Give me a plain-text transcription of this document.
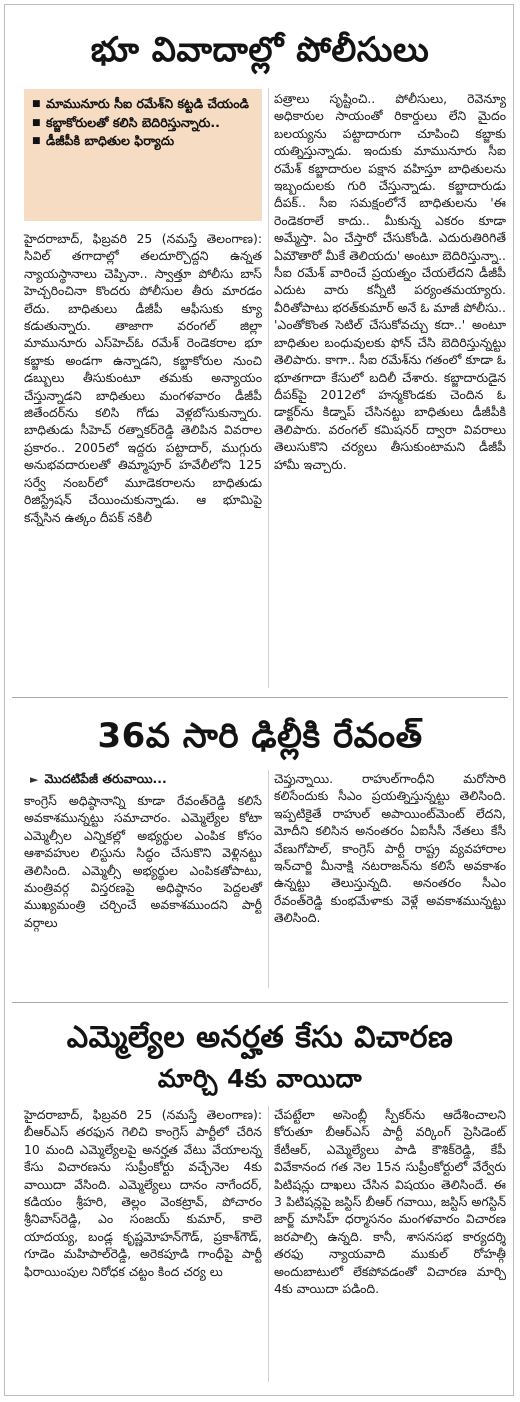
భూ వివాదాల్లో పోలీసులు
■ మామునూరు సీఐ రమేశ్‌ని కట్టడి చేయండి
■ కబ్జాకోరులతో కలిసి బెదిరిస్తున్నారు..
■ డీజీపీకి బాధితుల ఫిర్యాదు

హైదరాబాద్, ఫిబ్రవరి 25 (నమస్తే తెలంగాణ): సివిల్ తగాదాల్లో తలదూర్చొద్దని ఉన్నత న్యాయస్థానాలు చెప్పినా.. స్వాత్తూ పోలీసు బాస్ హెచ్చరించినా కొందరు పోలీసుల తీరు మారడం లేదు. బాధితులు డీజీపీ ఆఫీసుకు క్యూ కడుతున్నారు. తాజాగా వరంగల్ జిల్లా మామునూరు ఎస్‌హెచ్ఓ రమేశ్ రెండెకరాల భూ కబ్జాకు అండగా ఉన్నాడని, కబ్జాకోరుల నుంచి డబ్బులు తీసుకుంటూ తమకు అన్యాయం చేస్తున్నాడని బాధితులు మంగళవారం డీజీపీ జితేందర్‌ను కలిసి గోడు వెళ్లబోసుకున్నారు. బాధితుడు సీహెచ్ రత్నాకర్‌రెడ్డి తెలిపిన వివరాల ప్రకారం.. 2005లో ఇద్దరు పట్టాదార్, ముగ్గురు అనుభవదారులతో తిమ్మాపూర్ హవేలీలోని 125 సర్వే నంబర్‌లో మూడెకరాలను బాధితుడు రిజిస్ట్రేషన్ చేయించుకున్నాడు. ఆ భూమిపై కన్నేసిన ఉత్కం దీపక్ నకిలీ

పత్రాలు సృష్టించి.. పోలీసులు, రెవెన్యూ అధికారుల సాయంతో రికార్డులు లేని మైదం బలయ్యను పట్టాదారుగా చూపించి కబ్జాకు యత్నిస్తున్నాడు. ఇందుకు మామునూరు సీఐ రమేశ్ కబ్జాదారుల పక్షాన వహిస్తూ బాధితులను ఇబ్బందులకు గురి చేస్తున్నాడు. కబ్జాదారుడు దీపక్.. సీఐ సమక్షంలోనే బాధితులను 'ఈ రెండెకరాలే కాదు.. మీకున్న ఎకరం కూడా అమ్మేస్తా. ఏం చేస్తారో చేసుకోండి. ఎదురుతిరిగితే ఏమౌతారో మీకే తెలియదు' అంటూ బెదిరిస్తున్నా.. సీఐ రమేశ్ వారించే ప్రయత్నం చేయలేదని డీజీపీ ఎదుట వారు కన్నీటి పర్యంతమయ్యారు. వీరితోపాటు భరత్‌కుమార్ అనే ఓ మాజీ పోలీసు.. 'ఎంతోకొంత సెటిల్ చేసుకోవచ్చు కదా..' అంటూ బాధితుల బంధువులకు ఫోన్ చేసి బెదిరిస్తున్నట్టు తెలిపారు. కాగా.. సీఐ రమేశ్‌ను గతంలో కూడా ఓ భూతగాదా కేసులో బదిలీ చేశారు. కబ్జాదారుడైన దీపక్‌పై 2012లో హన్మకొండకు చెందిన ఓ డాక్టర్‌ను కిడ్నాప్ చేసినట్టు బాధితులు డీజీపీకి తెలిపారు. వరంగల్ కమిషనర్ ద్వారా వివరాలు తెలుసుకొని చర్యలు తీసుకుంటామని డీజీపీ హామీ ఇచ్చారు.

36వ సారి ఢిల్లీకి రేవంత్
► మొదటిపేజీ తరువాయి...

కాంగ్రెస్ అధిష్ఠానాన్ని కూడా రేవంత్‌రెడ్డి కలిసే అవకాశమున్నట్టు సమాచారం. ఎమ్మెల్యేల కోటా ఎమ్మెల్సీల ఎన్నికల్లో అభ్యర్థుల ఎంపిక కోసం ఆశావహుల లిస్టును సిద్ధం చేసుకొని వెళ్లినట్టు తెలిసింది. ఎమ్మెల్సీ అభ్యర్థుల ఎంపికతోపాటు, మంత్రివర్గ విస్తరణపై అధిష్ఠానం పెద్దలతో ముఖ్యమంత్రి చర్చించే అవకాశముందని పార్టీ వర్గాలు

చెప్తున్నాయి. రాహుల్‌గాంధీని మరోసారి కలిసేందుకు సీఎం ప్రయత్నిస్తున్నట్టు తెలిసింది. ఇప్పటికైతే రాహుల్ అపాయింట్‌మెంట్ లేదని, మోదీని కలిసిన అనంతరం ఏఐసీసీ నేతలు కేసీ వేణుగోపాల్, కాంగ్రెస్ పార్టీ రాష్ట్ర వ్యవహారాల ఇన్‌చార్జి మీనాక్షి నటరాజన్‌ను కలిసే అవకాశం ఉన్నట్టు తెలుస్తున్నది. అనంతరం సీఎం రేవంత్‌రెడ్డి కుంభమేళాకు వెళ్లే అవకాశమున్నట్టు తెలిసింది.

ఎమ్మెల్యేల అనర్హత కేసు విచారణ
మార్చి 4కు వాయిదా

హైదరాబాద్, ఫిబ్రవరి 25 (నమస్తే తెలంగాణ): బీఆర్ఎస్ తరఫున గెలిచి కాంగ్రెస్ పార్టీలో చేరిన 10 మంది ఎమ్మెల్యేలపై అనర్హత వేటు వేయాలన్న కేసు విచారణను సుప్రీంకోర్టు వచ్చేనెల 4కు వాయిదా వేసింది. ఎమ్మెల్యేలు దానం నాగేందర్, కడియం శ్రీహరి, తెల్లం వెంకట్రావ్, పోచారం శ్రీనివాస్‌రెడ్డి, ఎం సంజయ్ కుమార్, కాలె యాదయ్య, బండ్ల కృష్ణమోహన్‌గౌడ్, ప్రకాశ్‌గౌడ్, గూడెం మహిపాల్‌రెడ్డి, అరెకపూడి గాంధీపై పార్టీ ఫిరాయింపుల నిరోధక చట్టం కింద చర్య లు

చేపట్టేలా అసెంబ్లీ స్పీకర్‌ను ఆదేశించాలని కోరుతూ బీఆర్ఎస్ పార్టీ వర్కింగ్ ప్రెసిడెంట్ కేటీఆర్, ఎమ్మెల్యేలు పాడి కౌశిక్‌రెడ్డి, కేపీ వివేకానంద గత నెల 15న సుప్రీంకోర్టులో వేర్వేరు పిటిషన్లు దాఖలు చేసిన విషయం తెలిసిందే. ఈ 3 పిటిషన్లపై జస్టిస్ బీఆర్ గవాయి, జస్టిస్ అగస్టిన్ జార్జ్ మాసిహ్ ధర్మాసనం మంగళవారం విచారణ జరపాల్సి ఉన్నది. కానీ, శాసనసభ కార్యదర్శి తరఫు న్యాయవాది ముకుల్ రోహత్గీ అందుబాటులో లేకపోవడంతో విచారణ మార్చి 4కు వాయిదా పడింది.
